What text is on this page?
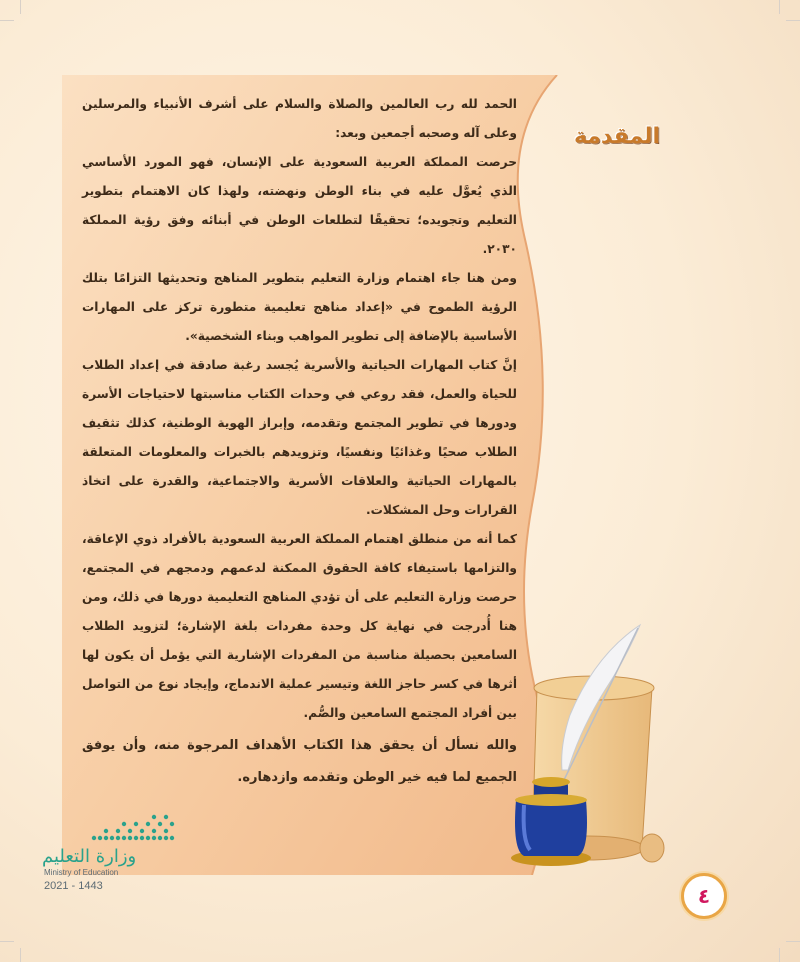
المقدمة

الحمد لله رب العالمين والصلاة والسلام على أشرف الأنبياء والمرسلين وعلى آله وصحبه أجمعين وبعد:

حرصت المملكة العربية السعودية على الإنسان، فهو المورد الأساسي الذي يُعوَّل عليه في بناء الوطن ونهضته، ولهذا كان الاهتمام بتطوير التعليم وتجويده؛ تحقيقًا لتطلعات الوطن في أبنائه وفق رؤية المملكة ٢٠٣٠.

ومن هنا جاء اهتمام وزارة التعليم بتطوير المناهج وتحديثها التزامًا بتلك الرؤية الطموح في «إعداد مناهج تعليمية متطورة تركز على المهارات الأساسية بالإضافة إلى تطوير المواهب وبناء الشخصية».

إنَّ كتاب المهارات الحياتية والأسرية يُجسد رغبة صادقة في إعداد الطلاب للحياة والعمل، فقد روعي في وحدات الكتاب مناسبتها لاحتياجات الأسرة ودورها في تطوير المجتمع وتقدمه، وإبراز الهوية الوطنية، كذلك تثقيف الطلاب صحيًا وغذائيًا ونفسيًا، وتزويدهم بالخبرات والمعلومات المتعلقة بالمهارات الحياتية والعلاقات الأسرية والاجتماعية، والقدرة على اتخاذ القرارات وحل المشكلات.

كما أنه من منطلق اهتمام المملكة العربية السعودية بالأفراد ذوي الإعاقة، والتزامها باستيفاء كافة الحقوق الممكنة لدعمهم ودمجهم في المجتمع، حرصت وزارة التعليم على أن تؤدي المناهج التعليمية دورها في ذلك، ومن هنا أُدرجت في نهاية كل وحدة مفردات بلغة الإشارة؛ لتزويد الطلاب السامعين بحصيلة مناسبة من المفردات الإشارية التي يؤمل أن يكون لها أثرها في كسر حاجز اللغة وتيسير عملية الاندماج، وإيجاد نوع من التواصل بين أفراد المجتمع السامعين والصُّم.

والله نسأل أن يحقق هذا الكتاب الأهداف المرجوة منه، وأن يوفق الجميع لما فيه خير الوطن وتقدمه وازدهاره.

وزارة التعليم
Ministry of Education
2021 - 1443	٤
